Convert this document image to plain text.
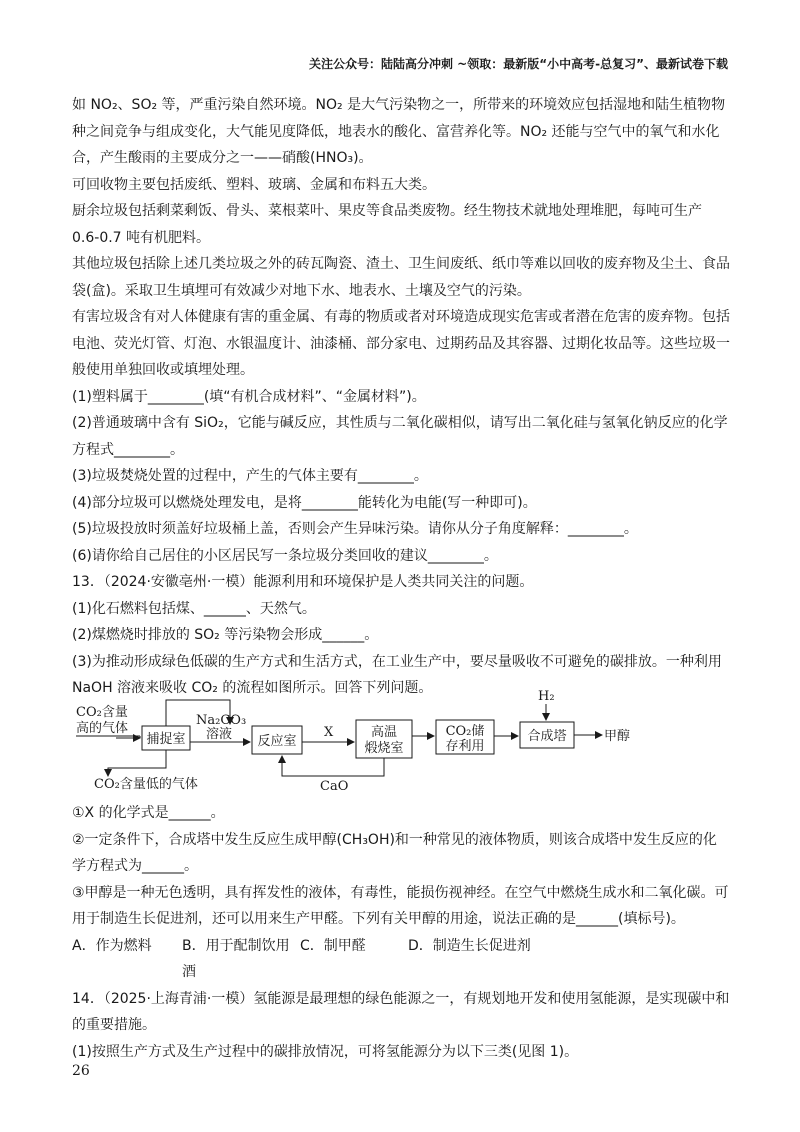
关注公众号：陆陆高分冲刺 ~领取：最新版“小中高考-总复习”、最新试卷下载

如 NO₂、SO₂ 等，严重污染自然环境。NO₂ 是大气污染物之一，所带来的环境效应包括湿地和陆生植物物种之间竞争与组成变化，大气能见度降低，地表水的酸化、富营养化等。NO₂ 还能与空气中的氧气和水化合，产生酸雨的主要成分之一——硝酸(HNO₃)。

可回收物主要包括废纸、塑料、玻璃、金属和布料五大类。

厨余垃圾包括剩菜剩饭、骨头、菜根菜叶、果皮等食品类废物。经生物技术就地处理堆肥，每吨可生产 0.6-0.7 吨有机肥料。

其他垃圾包括除上述几类垃圾之外的砖瓦陶瓷、渣土、卫生间废纸、纸巾等难以回收的废弃物及尘土、食品袋(盒)。采取卫生填埋可有效减少对地下水、地表水、土壤及空气的污染。

有害垃圾含有对人体健康有害的重金属、有毒的物质或者对环境造成现实危害或者潜在危害的废弃物。包括电池、荧光灯管、灯泡、水银温度计、油漆桶、部分家电、过期药品及其容器、过期化妆品等。这些垃圾一般使用单独回收或填埋处理。

(1)塑料属于________(填“有机合成材料”、“金属材料”)。

(2)普通玻璃中含有 SiO₂，它能与碱反应，其性质与二氧化碳相似，请写出二氧化硅与氢氧化钠反应的化学方程式________。

(3)垃圾焚烧处置的过程中，产生的气体主要有________。

(4)部分垃圾可以燃烧处理发电，是将________能转化为电能(写一种即可)。

(5)垃圾投放时须盖好垃圾桶上盖，否则会产生异味污染。请你从分子角度解释：________。

(6)请你给自己居住的小区居民写一条垃圾分类回收的建议________。

13．（2024·安徽亳州·一模）能源利用和环境保护是人类共同关注的问题。

(1)化石燃料包括煤、______、天然气。

(2)煤燃烧时排放的 SO₂ 等污染物会形成______。

(3)为推动形成绿色低碳的生产方式和生活方式，在工业生产中，要尽量吸收不可避免的碳排放。一种利用 NaOH 溶液来吸收 CO₂ 的流程如图所示。回答下列问题。

CO₂含量
高的气体
捕捉室
CO₂含量低的气体
Na₂CO₃
溶液 反应室
X	高温
煅烧室
CaO
CO₂储
存利用
H₂
合成塔	甲醇

①X 的化学式是______。

②一定条件下，合成塔中发生反应生成甲醇(CH₃OH)和一种常见的液体物质，则该合成塔中发生反应的化学方程式为______。

③甲醇是一种无色透明，具有挥发性的液体，有毒性，能损伤视神经。在空气中燃烧生成水和二氧化碳。可用于制造生长促进剂，还可以用来生产甲醛。下列有关甲醇的用途，说法正确的是______(填标号)。

A．作为燃料	B．用于配制饮用酒
C．制甲醛	D．制造生长促进剂

14．（2025·上海青浦·一模）氢能源是最理想的绿色能源之一，有规划地开发和使用氢能源，是实现碳中和的重要措施。

(1)按照生产方式及生产过程中的碳排放情况，可将氢能源分为以下三类(见图 1)。

26
